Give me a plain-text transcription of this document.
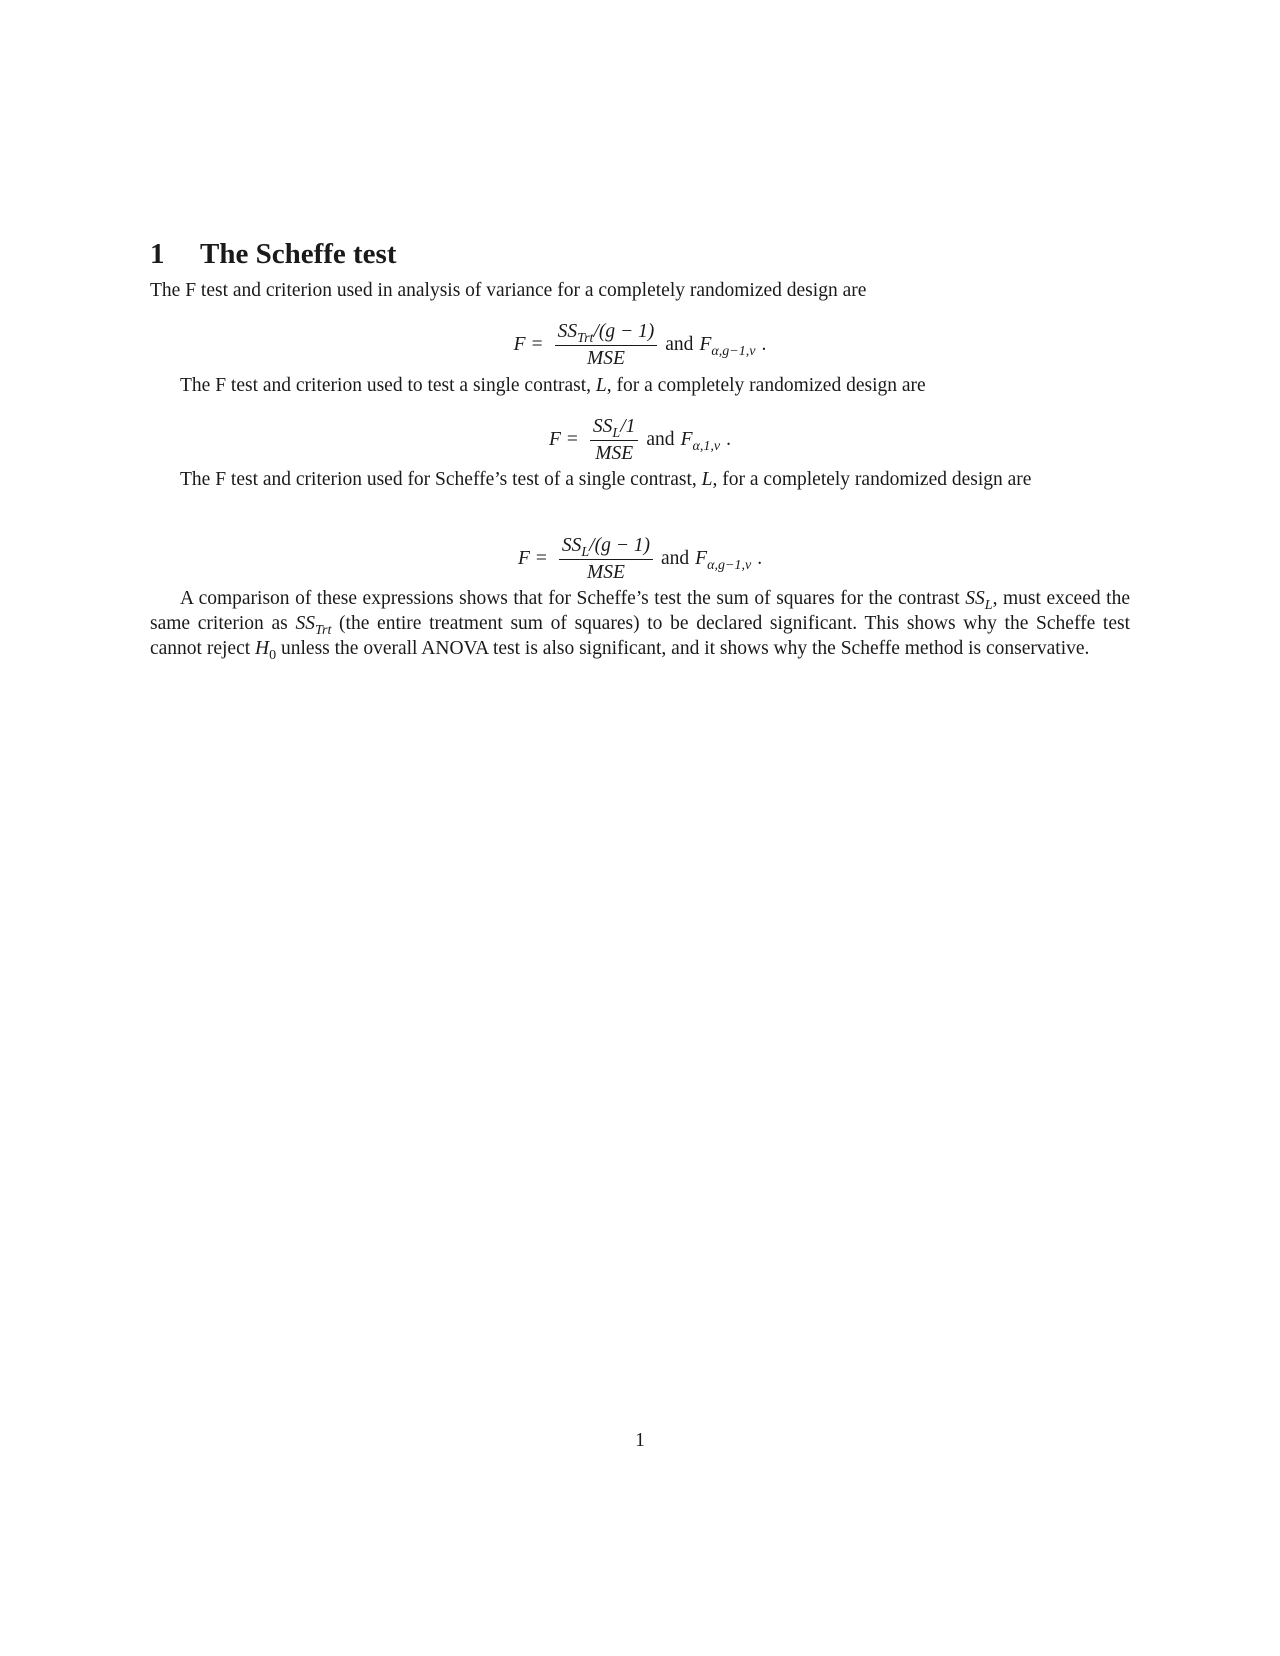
1 The Scheffe test

The F test and criterion used in analysis of variance for a completely randomized design are

$F = \frac{SS_{Trt}/(g - 1)}{\text{MSE}}$ and $F_{\alpha,g-1,\nu}$ .

The F test and criterion used to test a single contrast, L, for a completely randomized design are

$F = \frac{SS_L/1}{\text{MSE}}$ and $F_{\alpha,1,\nu}$ .

The F test and criterion used for Scheffe’s test of a single contrast, L, for a completely randomized design are

$F = \frac{SS_L/(g - 1)}{\text{MSE}}$ and $F_{\alpha,g-1,\nu}$ .

A comparison of these expressions shows that for Scheffe’s test the sum of squares for the contrast $SS_L$, must exceed the same criterion as $SS_{Trt}$ (the entire treatment sum of squares) to be declared significant. This shows why the Scheffe test cannot reject $H_0$ unless the overall ANOVA test is also significant, and it shows why the Scheffe method is conservative.

1
